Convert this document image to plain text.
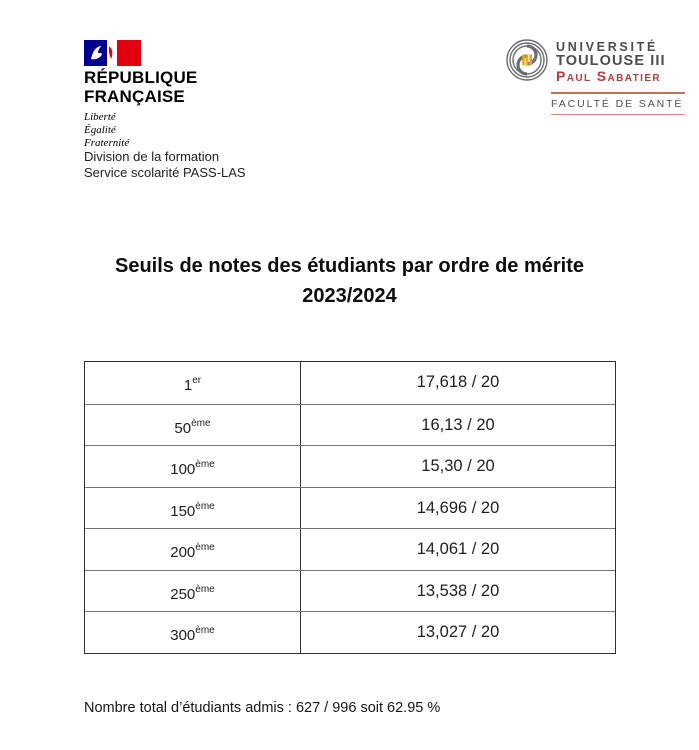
RÉPUBLIQUE
FRANÇAISE
Liberté
Égalité
Fraternité
Division de la formation
Service scolarité PASS-LAS
UNIVERSITÉ
TOULOUSE III
Paul Sabatier
FACULTÉ DE SANTÉ
Seuils de notes des étudiants par ordre de mérite
2023/2024
1er	17,618 / 20
50ème	16,13 / 20
100ème	15,30 / 20
150ème	14,696 / 20
200ème	14,061 / 20
250ème	13,538 / 20
300ème	13,027 / 20
Nombre total d’étudiants admis : 627 / 996 soit 62.95 %
